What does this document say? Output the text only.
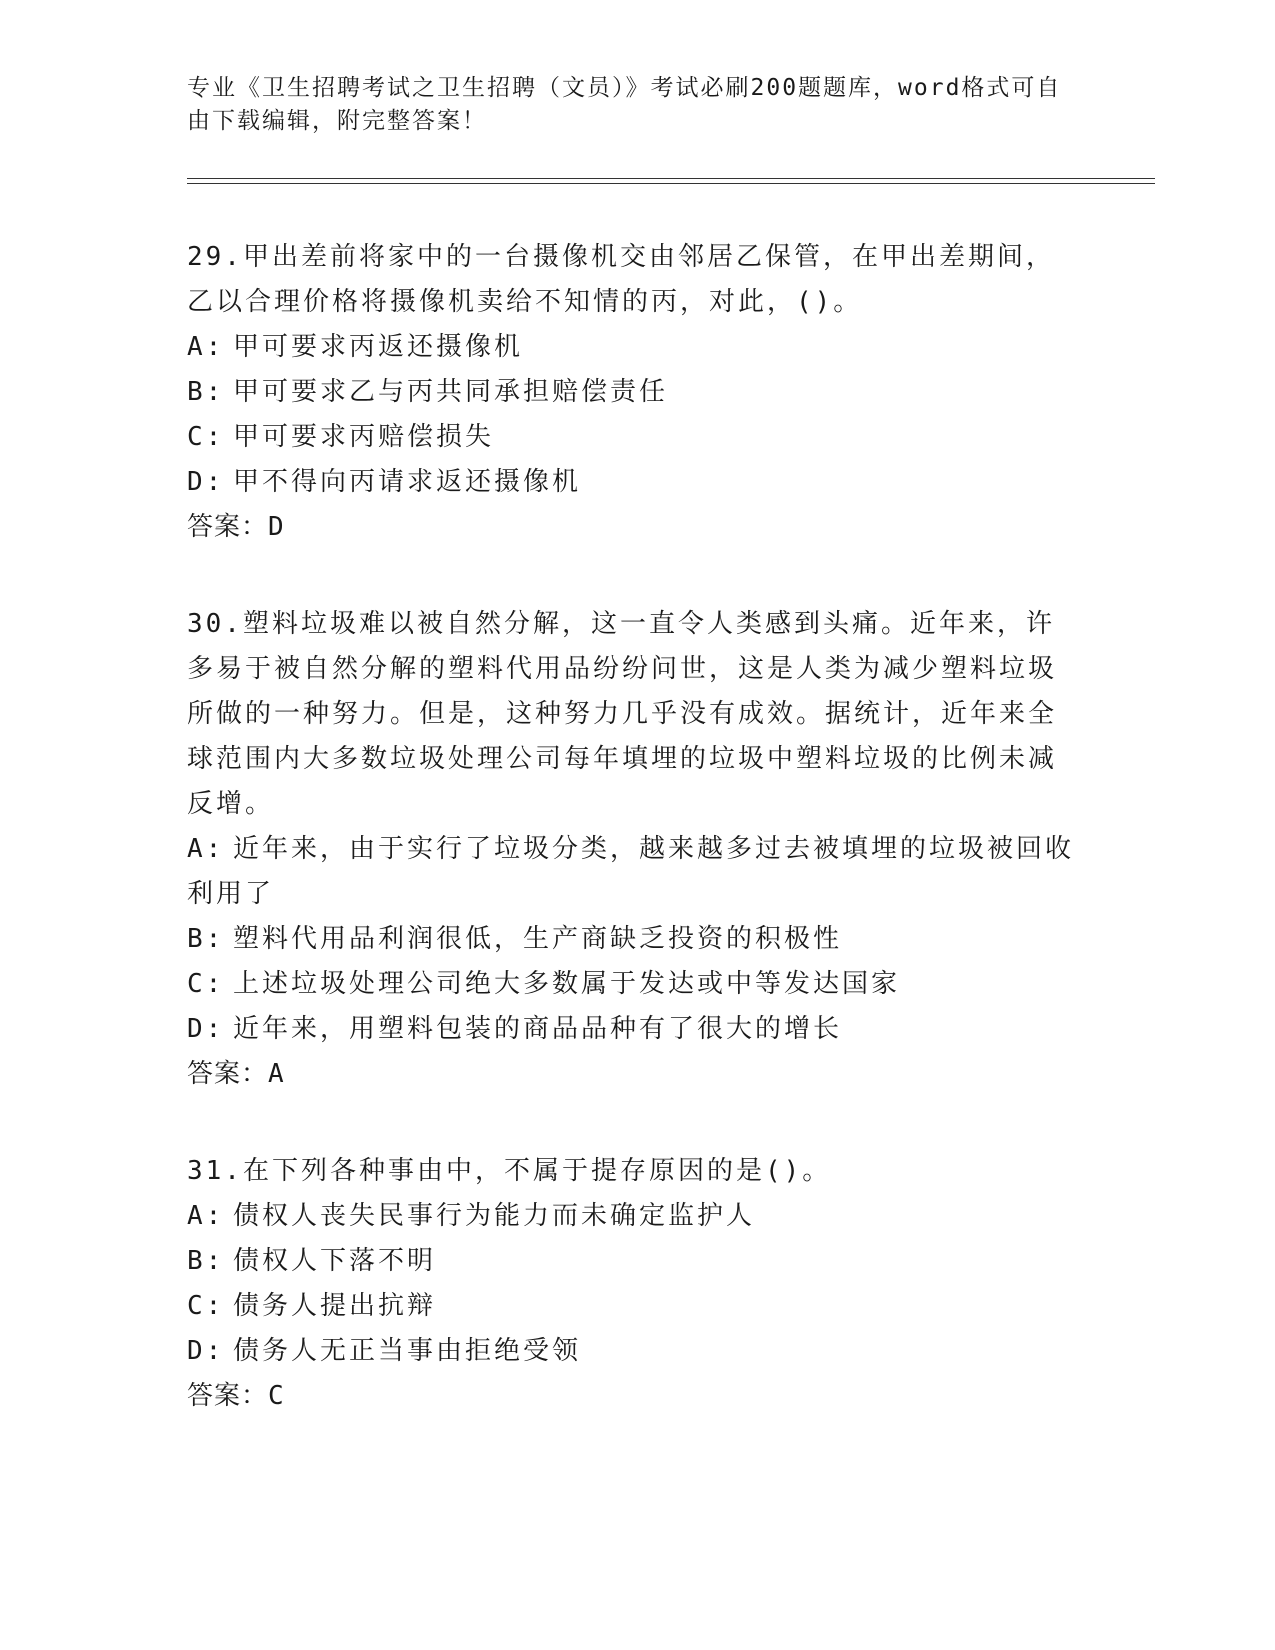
专业《卫生招聘考试之卫生招聘（文员）》考试必刷200题题库，word格式可自由下载编辑，附完整答案！

29.甲出差前将家中的一台摄像机交由邻居乙保管，在甲出差期间，乙以合理价格将摄像机卖给不知情的丙，对此，()。

A: 甲可要求丙返还摄像机

B: 甲可要求乙与丙共同承担赔偿责任

C: 甲可要求丙赔偿损失

D: 甲不得向丙请求返还摄像机

答案：D

30.塑料垃圾难以被自然分解，这一直令人类感到头痛。近年来，许多易于被自然分解的塑料代用品纷纷问世，这是人类为减少塑料垃圾所做的一种努力。但是，这种努力几乎没有成效。据统计，近年来全球范围内大多数垃圾处理公司每年填埋的垃圾中塑料垃圾的比例未减反增。

A: 近年来，由于实行了垃圾分类，越来越多过去被填埋的垃圾被回收利用了

B: 塑料代用品利润很低，生产商缺乏投资的积极性

C: 上述垃圾处理公司绝大多数属于发达或中等发达国家

D: 近年来，用塑料包装的商品品种有了很大的增长

答案：A

31.在下列各种事由中，不属于提存原因的是()。

A: 债权人丧失民事行为能力而未确定监护人

B: 债权人下落不明

C: 债务人提出抗辩

D: 债务人无正当事由拒绝受领

答案：C
